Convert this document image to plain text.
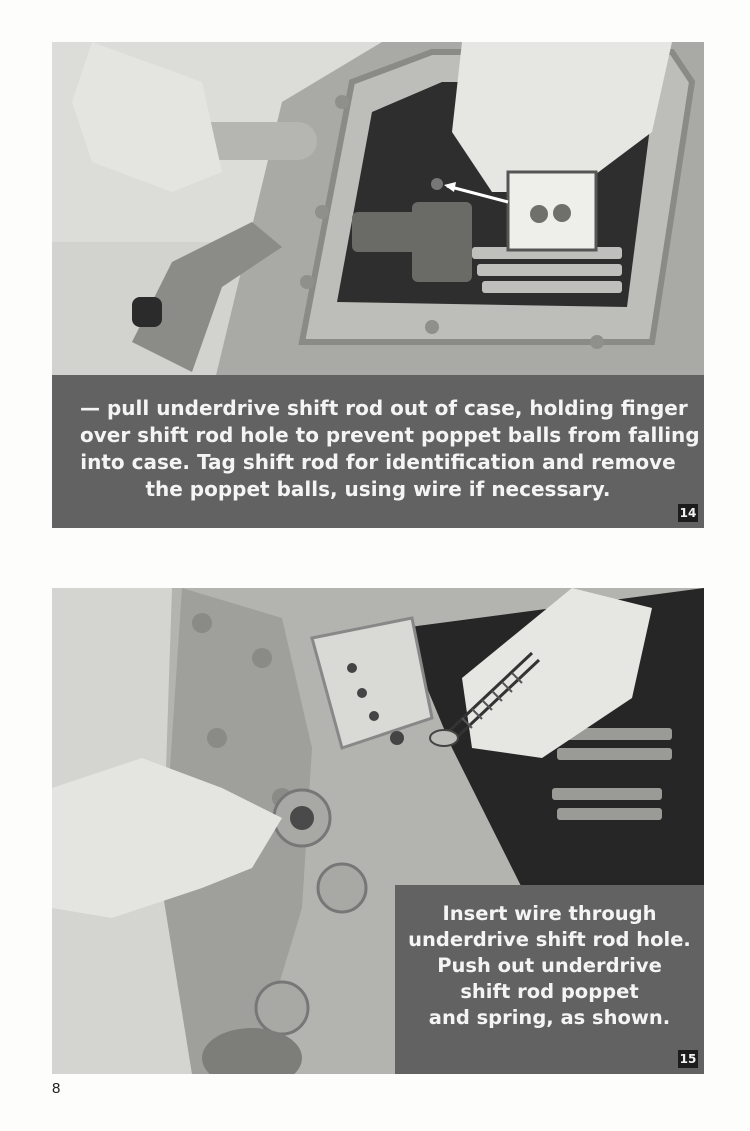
— pull underdrive shift rod out of case, holding finger
over shift rod hole to prevent poppet balls from falling
into case. Tag shift rod for identification and remove
the poppet balls, using wire if necessary.
14
Insert wire through
underdrive shift rod hole.
Push out underdrive
shift rod poppet
and spring, as shown.
15
8
